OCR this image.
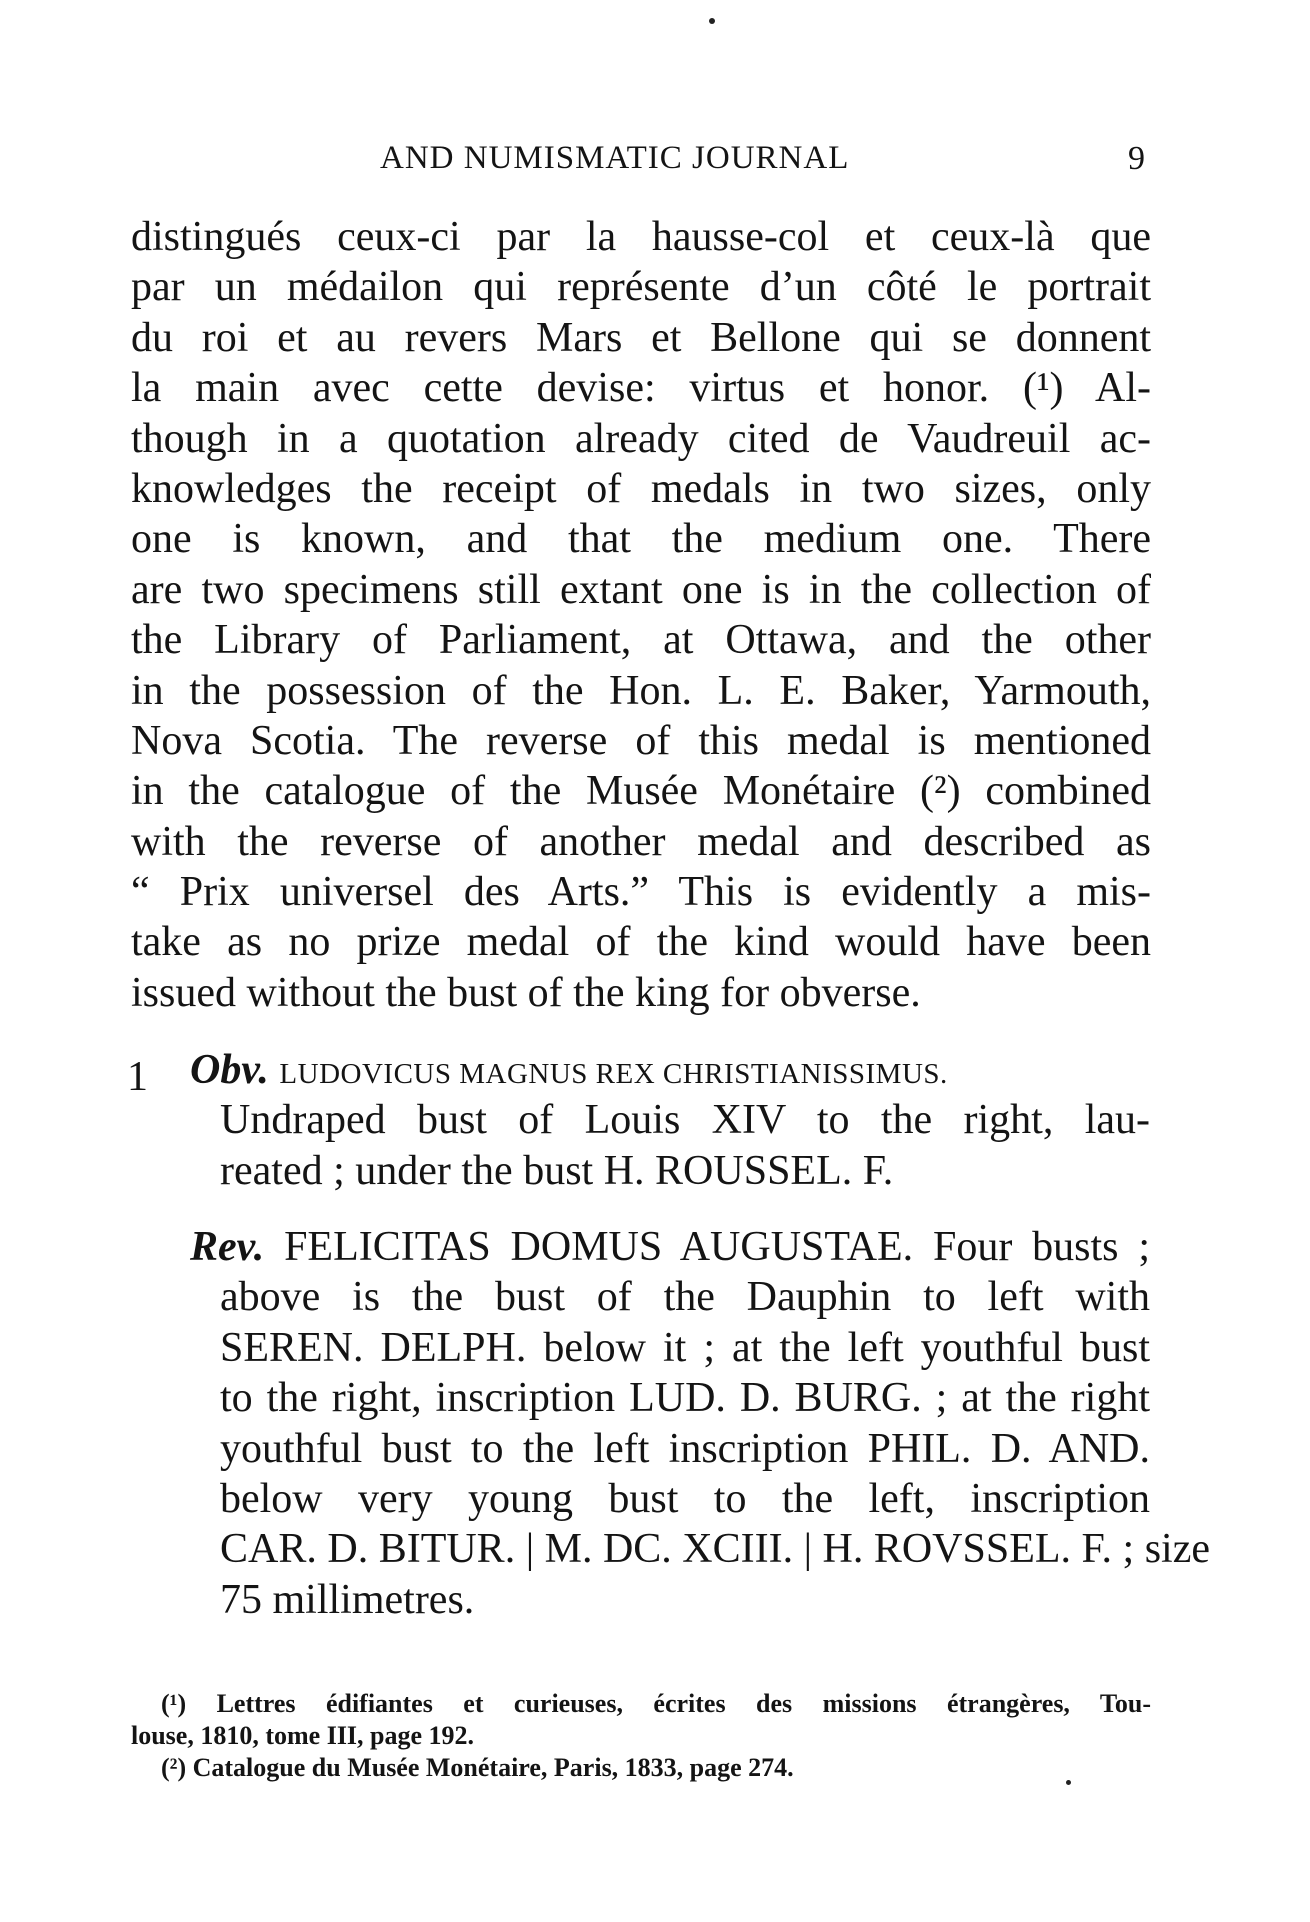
AND NUMISMATIC JOURNAL	9
distingués ceux-ci par la hausse-col et ceux-là que
par un médailon qui représente d’un côté le portrait
du roi et au revers Mars et Bellone qui se donnent
la main avec cette devise: virtus et honor. (¹) Al-
though in a quotation already cited de Vaudreuil ac-
knowledges the receipt of medals in two sizes, only
one is known, and that the medium one. There
are two specimens still extant one is in the collection of
the Library of Parliament, at Ottawa, and the other
in the possession of the Hon. L. E. Baker, Yarmouth,
Nova Scotia. The reverse of this medal is mentioned
in the catalogue of the Musée Monétaire (²) combined
with the reverse of another medal and described as
“ Prix universel des Arts.” This is evidently a mis-
take as no prize medal of the kind would have been
issued without the bust of the king for obverse.
1 Obv. LUDOVICUS MAGNUS REX CHRISTIANISSIMUS.
Undraped bust of Louis XIV to the right, lau-
reated ; under the bust H. ROUSSEL. F.
Rev. FELICITAS DOMUS AUGUSTAE. Four busts ;
above is the bust of the Dauphin to left with
SEREN. DELPH. below it ; at the left youthful bust
to the right, inscription LUD. D. BURG. ; at the right
youthful bust to the left inscription PHIL. D. AND.
below very young bust to the left, inscription
CAR. D. BITUR. | M. DC. XCIII. | H. ROVSSEL. F. ; size
75 millimetres.
(¹) Lettres édifiantes et curieuses, écrites des missions étrangères, Tou-
louse, 1810, tome III, page 192.
(²) Catalogue du Musée Monétaire, Paris, 1833, page 274.
